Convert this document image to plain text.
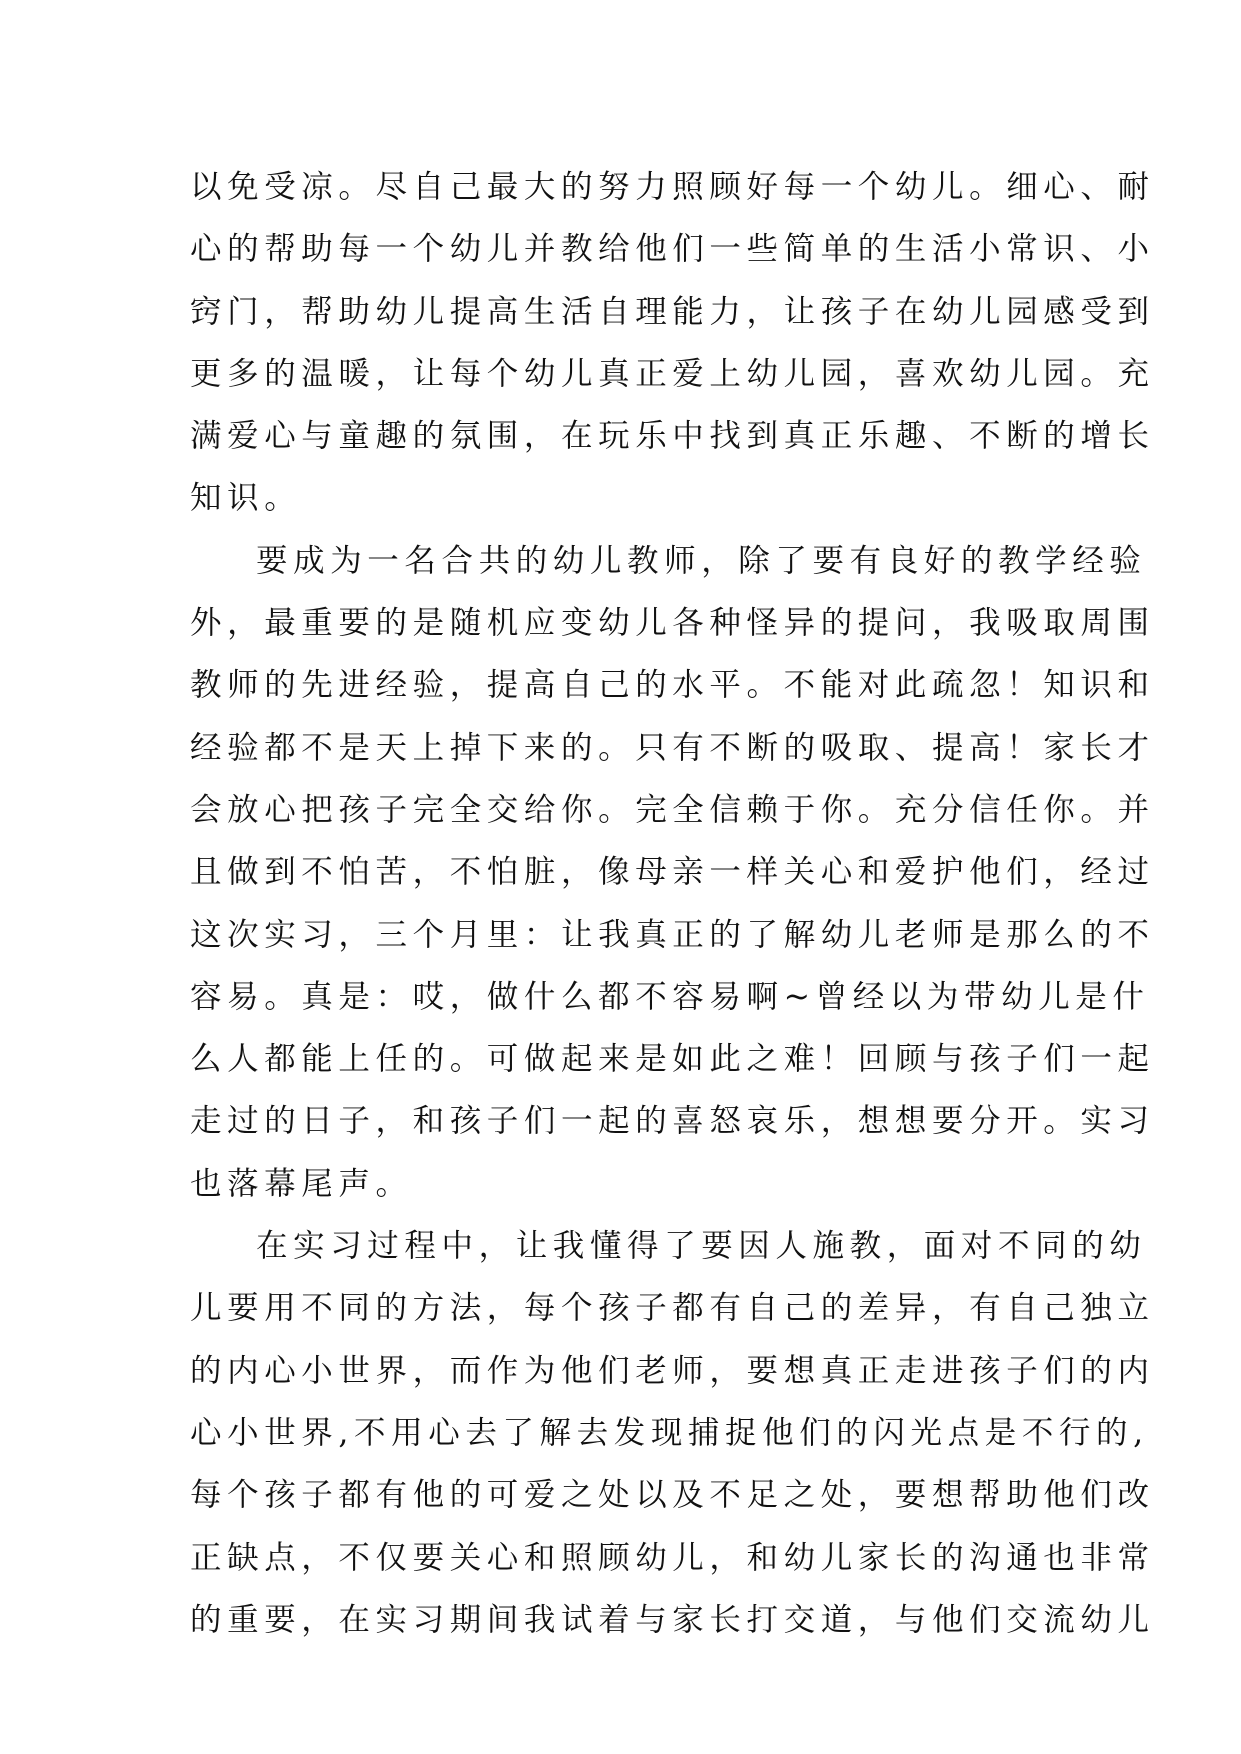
以免受凉。尽自己最大的努力照顾好每一个幼儿。细心、耐
心的帮助每一个幼儿并教给他们一些简单的生活小常识、小
窍门，帮助幼儿提高生活自理能力，让孩子在幼儿园感受到
更多的温暖，让每个幼儿真正爱上幼儿园，喜欢幼儿园。充
满爱心与童趣的氛围，在玩乐中找到真正乐趣、不断的增长
知识。
要成为一名合共的幼儿教师，除了要有良好的教学经验
外，最重要的是随机应变幼儿各种怪异的提问，我吸取周围
教师的先进经验，提高自己的水平。不能对此疏忽！知识和
经验都不是天上掉下来的。只有不断的吸取、提高！家长才
会放心把孩子完全交给你。完全信赖于你。充分信任你。并
且做到不怕苦，不怕脏，像母亲一样关心和爱护他们，经过
这次实习，三个月里：让我真正的了解幼儿老师是那么的不
容易。真是：哎，做什么都不容易啊~曾经以为带幼儿是什
么人都能上任的。可做起来是如此之难！回顾与孩子们一起
走过的日子，和孩子们一起的喜怒哀乐，想想要分开。实习
也落幕尾声。
在实习过程中，让我懂得了要因人施教，面对不同的幼
儿要用不同的方法，每个孩子都有自己的差异，有自己独立
的内心小世界，而作为他们老师，要想真正走进孩子们的内
心小世界,不用心去了解去发现捕捉他们的闪光点是不行的,
每个孩子都有他的可爱之处以及不足之处，要想帮助他们改
正缺点，不仅要关心和照顾幼儿，和幼儿家长的沟通也非常
的重要，在实习期间我试着与家长打交道，与他们交流幼儿
